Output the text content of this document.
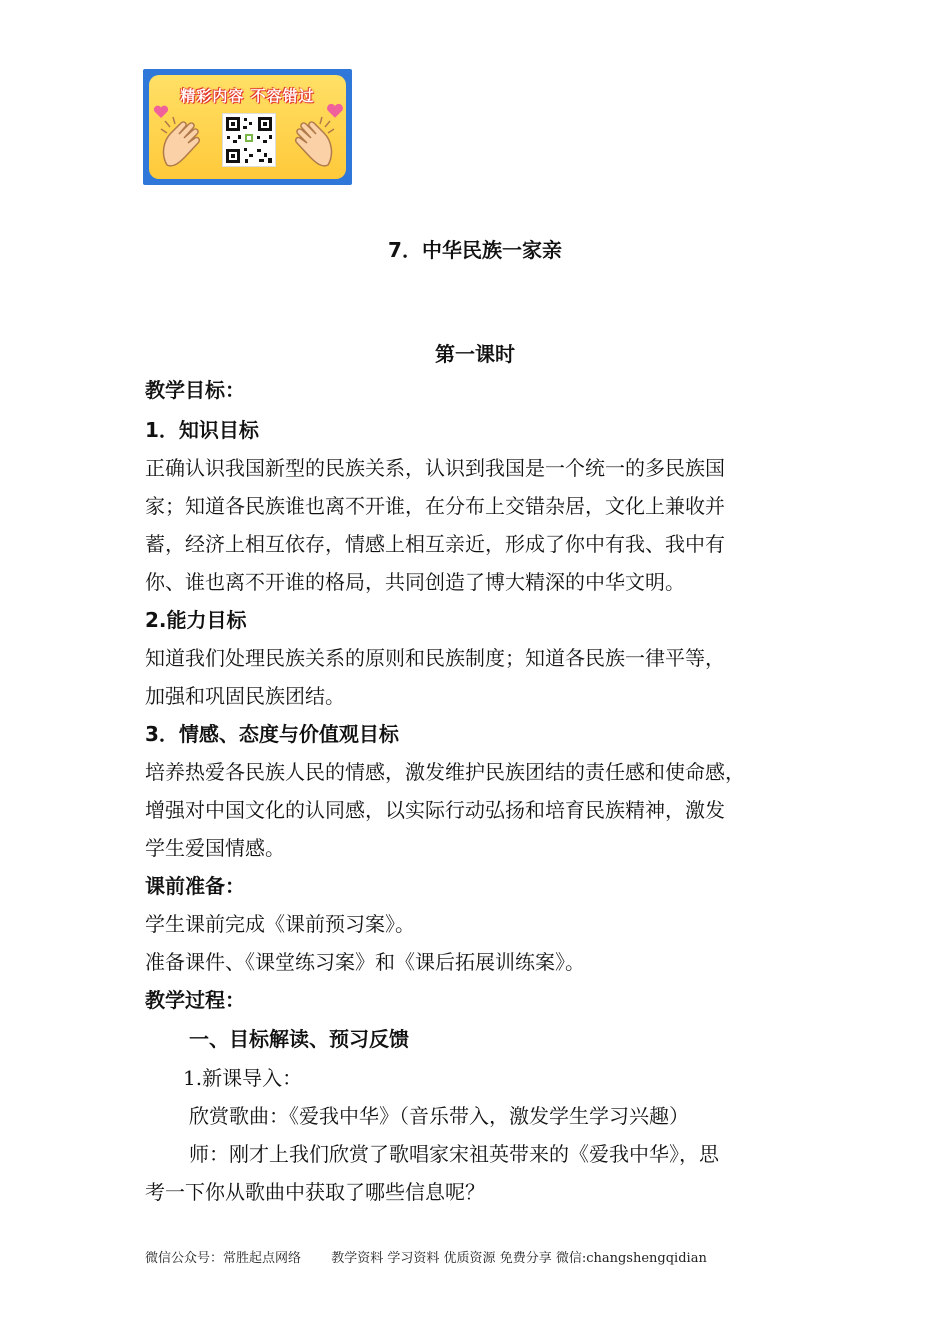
精彩内容 不容错过
7．中华民族一家亲
第一课时
教学目标：
1．知识目标
正确认识我国新型的民族关系，认识到我国是一个统一的多民族国
家；知道各民族谁也离不开谁，在分布上交错杂居，文化上兼收并
蓄，经济上相互依存，情感上相互亲近，形成了你中有我、我中有
你、谁也离不开谁的格局，共同创造了博大精深的中华文明。
2.能力目标
知道我们处理民族关系的原则和民族制度；知道各民族一律平等，
加强和巩固民族团结。
3．情感、态度与价值观目标
培养热爱各民族人民的情感，激发维护民族团结的责任感和使命感，
增强对中国文化的认同感，以实际行动弘扬和培育民族精神，激发
学生爱国情感。
课前准备：
学生课前完成《课前预习案》。
准备课件、《课堂练习案》和《课后拓展训练案》。
教学过程：
一、目标解读、预习反馈
1.新课导入：
欣赏歌曲：《爱我中华》（音乐带入，激发学生学习兴趣）
师：刚才上我们欣赏了歌唱家宋祖英带来的《爱我中华》，思
考一下你从歌曲中获取了哪些信息呢？
微信公众号：常胜起点网络 教学资料 学习资料 优质资源 免费分享 微信:changshengqidian
